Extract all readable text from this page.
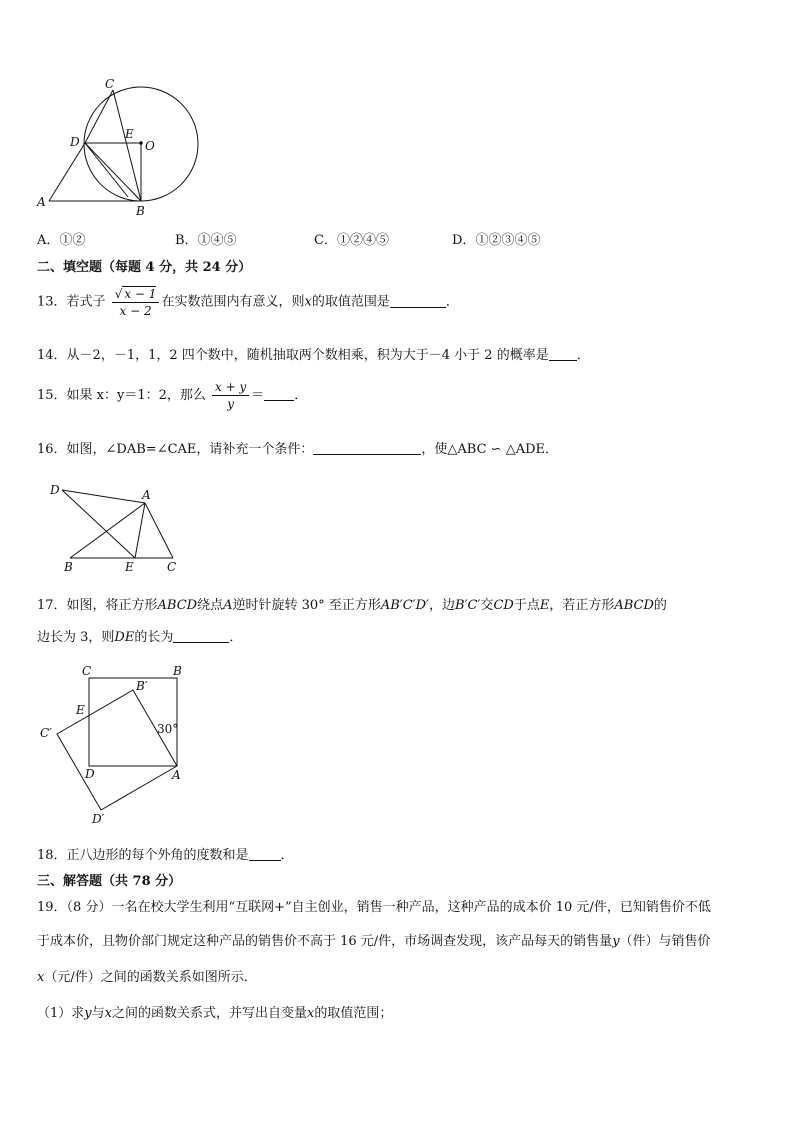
C
D
E
O
A
B
A．①②	B．①④⑤	C．①②④⑤	D．①②③④⑤
二、填空题（每题 4 分，共 24 分）
13．若式子 $\frac{√ x - 1}{x - 2}$ 在实数范围内有意义，则x的取值范围是	．
14．从－2，－1，1，2 四个数中，随机抽取两个数相乘，积为大于－4 小于 2 的概率是 ．
15．如果 x：y＝1：2，那么 $\frac{x + y}{y}$ ＝ ．
16．如图，∠DAB=∠CAE，请补充一个条件：	，使△ABC ∽ △ADE．
D	A
B	E	C
17．如图，将正方形ABCD绕点A逆时针旋转 30° 至正方形AB′C′D′，边B′C′交CD于点E，若正方形ABCD的
边长为 3，则DE的长为	．
C	B
B′
E
C′	30°
D	A
D′
18．正八边形的每个外角的度数和是 ．
三、解答题（共 78 分）
19．（8 分）一名在校大学生利用“互联网+”自主创业，销售一种产品，这种产品的成本价 10 元/件，已知销售价不低
于成本价，且物价部门规定这种产品的销售价不高于 16 元/件，市场调查发现，该产品每天的销售量y（件）与销售价
x（元/件）之间的函数关系如图所示．
（1）求y与x之间的函数关系式，并写出自变量x的取值范围；
